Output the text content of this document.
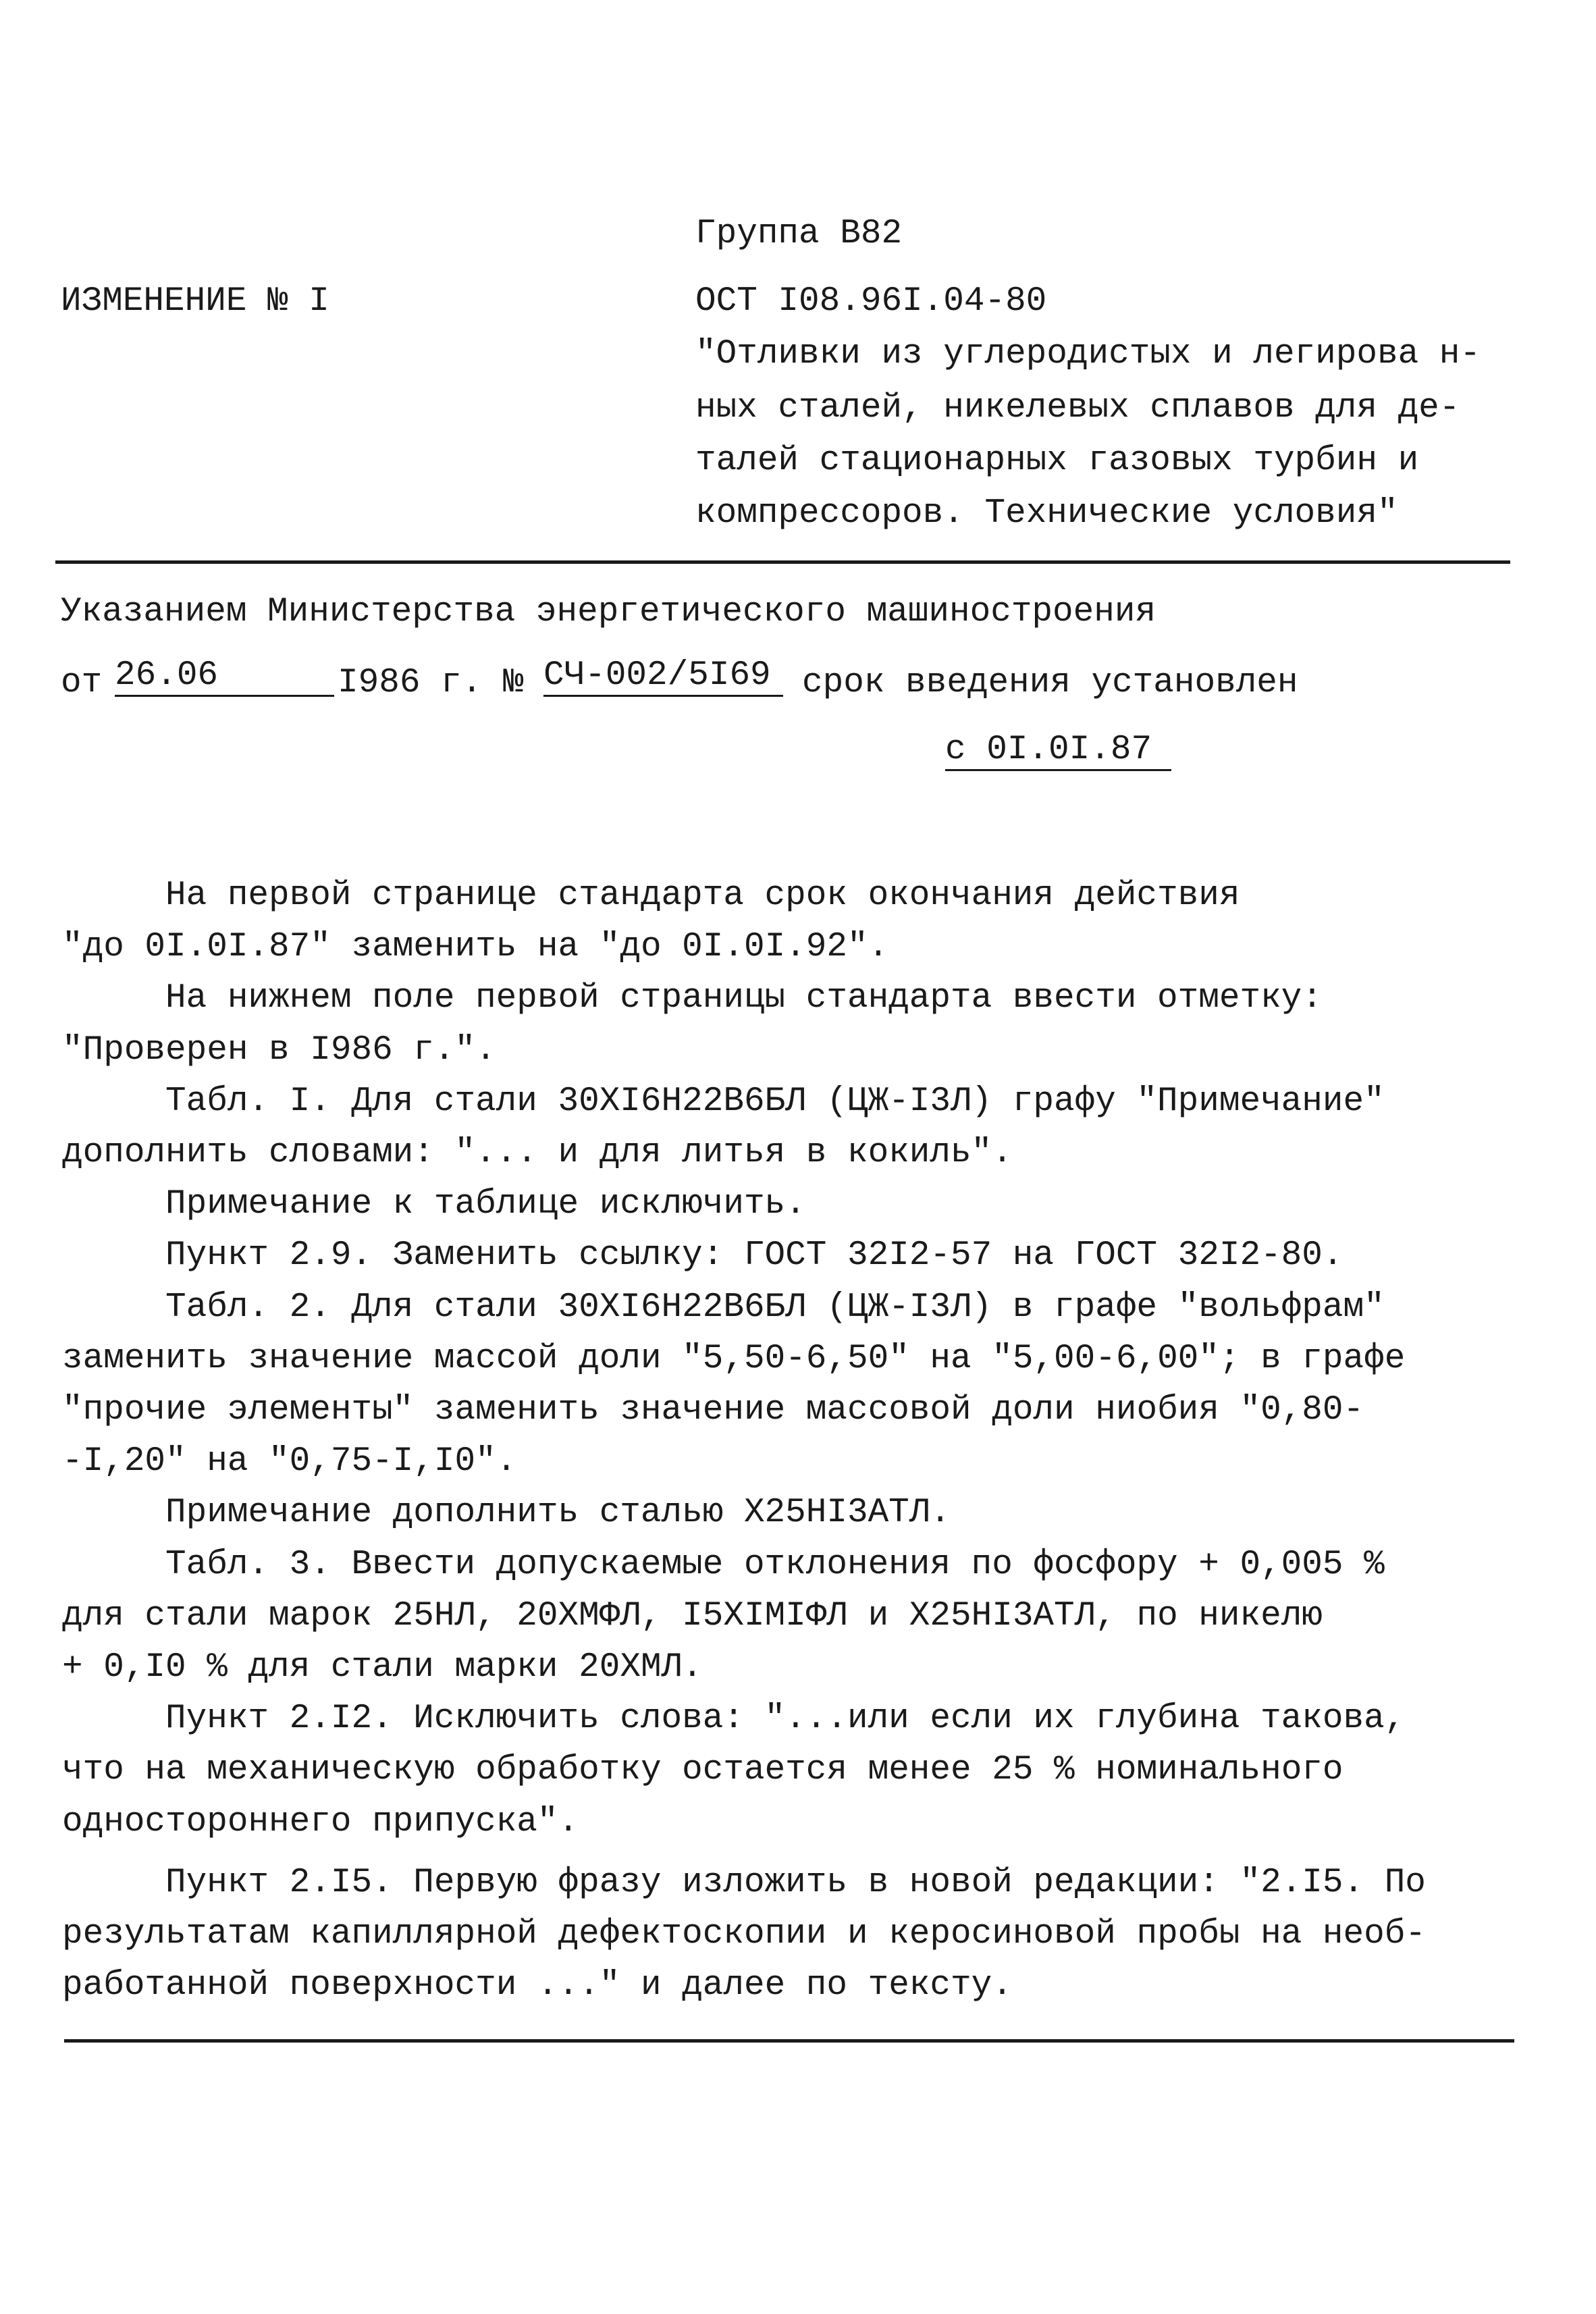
Группа В82
ИЗМЕНЕНИЕ № I	ОСТ I08.96I.04-80
"Отливки из углеродистых и легирова н-
ных сталей, никелевых сплавов для де-
талей стационарных газовых турбин и
компрессоров. Технические условия"
Указанием Министерства энергетического машиностроения
от 26.06	I986 г. № СЧ-002/5I69 срок введения установлен
с 0I.0I.87
На первой странице стандарта срок окончания действия
"до 0I.0I.87" заменить на "до 0I.0I.92".
На нижнем поле первой страницы стандарта ввести отметку:
"Проверен в I986 г.".
Табл. I. Для стали 30ХI6Н22В6БЛ (ЦЖ-I3Л) графу "Примечание"
дополнить словами: "... и для литья в кокиль".
Примечание к таблице исключить.
Пункт 2.9. Заменить ссылку: ГОСТ 32I2-57 на ГОСТ 32I2-80.
Табл. 2. Для стали 30ХI6Н22В6БЛ (ЦЖ-I3Л) в графе "вольфрам"
заменить значение массой доли "5,50-6,50" на "5,00-6,00"; в графе
"прочие элементы" заменить значение массовой доли ниобия "0,80-
-I,20" на "0,75-I,I0".
Примечание дополнить сталью Х25НI3АТЛ.
Табл. 3. Ввести допускаемые отклонения по фосфору + 0,005 %
для стали марок 25НЛ, 20ХМФЛ, I5ХIМIФЛ и Х25НI3АТЛ, по никелю
+ 0,I0 % для стали марки 20ХМЛ.
Пункт 2.I2. Исключить слова: "...или если их глубина такова,
что на механическую обработку остается менее 25 % номинального
одностороннего припуска".
Пункт 2.I5. Первую фразу изложить в новой редакции: "2.I5. По
результатам капиллярной дефектоскопии и керосиновой пробы на необ-
работанной поверхности ..." и далее по тексту.
